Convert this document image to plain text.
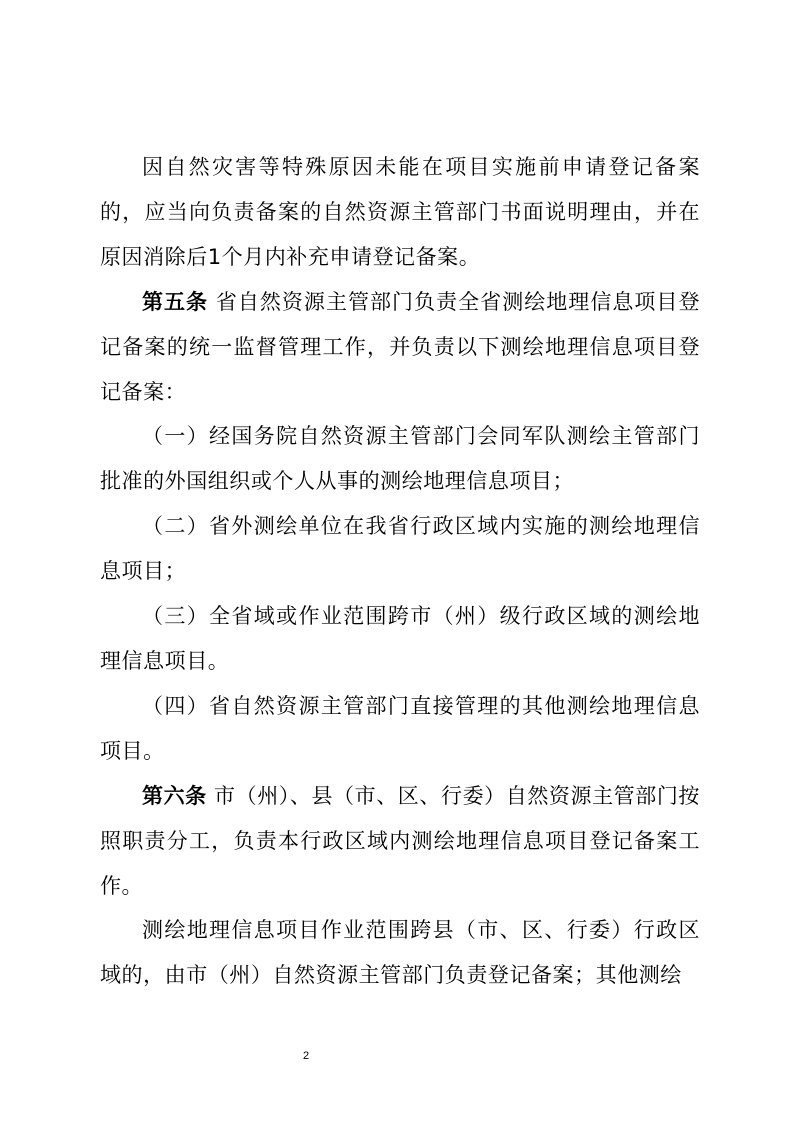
因自然灾害等特殊原因未能在项目实施前申请登记备案的，应当向负责备案的自然资源主管部门书面说明理由，并在原因消除后1个月内补充申请登记备案。

第五条 省自然资源主管部门负责全省测绘地理信息项目登记备案的统一监督管理工作，并负责以下测绘地理信息项目登记备案：

（一）经国务院自然资源主管部门会同军队测绘主管部门批准的外国组织或个人从事的测绘地理信息项目；

（二）省外测绘单位在我省行政区域内实施的测绘地理信息项目；

（三）全省域或作业范围跨市（州）级行政区域的测绘地理信息项目。

（四）省自然资源主管部门直接管理的其他测绘地理信息项目。

第六条 市（州）、县（市、区、行委）自然资源主管部门按照职责分工，负责本行政区域内测绘地理信息项目登记备案工作。

测绘地理信息项目作业范围跨县（市、区、行委）行政区域的，由市（州）自然资源主管部门负责登记备案；其他测绘

2
